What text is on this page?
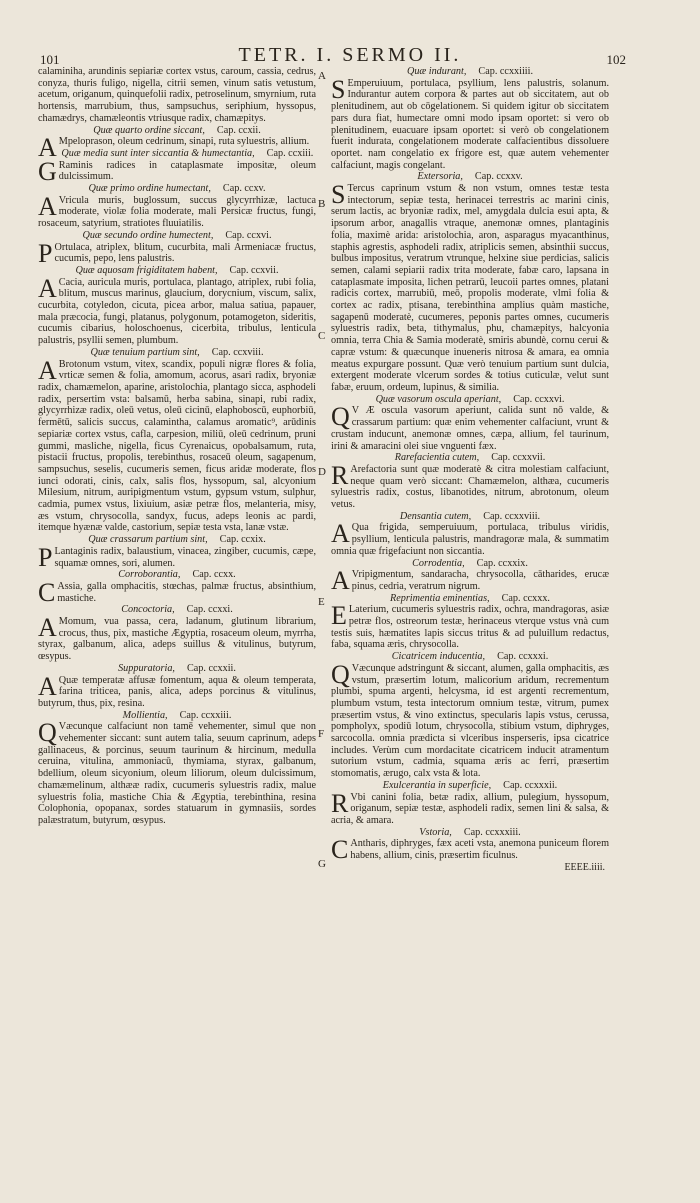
101	TETR. I. SERMO II.	102
A
B
C
D
E
F
G

calaminiha, arundinis sepiariæ cortex vstus, caroum, cassia, cedrus, conyza, thuris fuligo, nigella, citrii semen, vinum satis vetustum, acetum, origanum, quinquefolii radix, petroselinum, smyrnium, ruta hortensis, marrubium, thus, sampsuchus, seriphium, hyssopus, chamædrys, chamæleontis vtriusque radix, chamæpitys.

Quæ quarto ordine siccant, Cap. ccxii.

A Mpeloprason, oleum cedrinum, sinapi, ruta syluestris, allium.

Quæ media sunt inter siccantia & humectantia, Cap. ccxiii.

G Raminis radices in cataplasmate impositæ, oleum dulcissimum.

Quæ primo ordine humectant, Cap. ccxv.

A Vricula muris, buglossum, succus glycyrrhizæ, lactuca moderate, violæ folia moderate, mali Persicæ fructus, fungi, rosaceum, satyrium, stratiotes fluuiatilis.

Quæ secundo ordine humectent, Cap. ccxvi.

P Ortulaca, atriplex, blitum, cucurbita, mali Armeniacæ fructus, cucumis, pepo, lens palustris.

Quæ aquosam frigiditatem habent, Cap. ccxvii.

A Cacia, auricula muris, portulaca, plantago, atriplex, rubi folia, blitum, muscus marinus, glaucium, dorycnium, viscum, salix, cucurbita, cotyledon, cicuta, picea arbor, malua satiua, papauer, mala præcocia, fungi, platanus, polygonum, potamogeton, sideritis, cucumis cibarius, holoschoenus, cicerbita, tribulus, lenticula palustris, psyllii semen, plumbum.

Quæ tenuium partium sint, Cap. ccxviii.

A Brotonum vstum, vitex, scandix, populi nigræ flores & folia, vrticæ semen & folia, amomum, acorus, asari radix, bryoniæ radix, chamæmelon, aparine, aristolochia, plantago sicca, asphodeli radix, persertim vsta: balsamū, herba sabina, sinapi, rubi radix, glycyrrhizæ radix, oleū vetus, oleū cicinū, elaphoboscū, euphorbiū, fermētū, salicis succus, calamintha, calamus aromatic⁹, arūdinis sepiariæ cortex vstus, cafla, carpesion, miliū, oleū cedrinum, pruni gummi, masliche, nigella, ficus Cyrenaicus, opobalsamum, ruta, pistacii fructus, propolis, terebinthus, rosaceū oleum, sagapenum, sampsuchus, seselis, cucumeris semen, ficus aridæ moderate, flos iunci odorati, cinis, calx, salis flos, hyssopum, sal, alcyonium Milesium, nitrum, auripigmentum vstum, gypsum vstum, sulphur, cadmia, pumex vstus, lixiuium, asiæ petræ flos, melanteria, misy, æs vstum, chrysocolla, sandyx, fucus, adeps leonis ac pardi, itemque hyænæ valde, castorium, sepiæ testa vsta, lanæ vstæ.

Quæ crassarum partium sint, Cap. ccxix.

P Lantaginis radix, balaustium, vinacea, zingiber, cucumis, cæpe, squamæ omnes, sori, alumen.

Corroborantia, Cap. ccxx.

C Assia, galla omphacitis, stœchas, palmæ fructus, absinthium, mastiche.

Concoctoria, Cap. ccxxi.

A Momum, vua passa, cera, ladanum, glutinum librarium, crocus, thus, pix, mastiche Ægyptia, rosaceum oleum, myrrha, styrax, galbanum, alica, adeps suillus & vitulinus, butyrum, œsypus.

Suppuratoria, Cap. ccxxii.

A Quæ temperatæ affusæ fomentum, aqua & oleum temperata, farina triticea, panis, alica, adeps porcinus & vitulinus, butyrum, thus, pix, resina.

Mollientia, Cap. ccxxiii.

Q Væcunque calfaciunt non tamē vehementer, simul que non vehementer siccant: sunt autem talia, seuum caprinum, adeps gallinaceus, & porcinus, seuum taurinum & hircinum, medulla ceruina, vitulina, ammoniacū, thymiama, styrax, galbanum, bdellium, oleum sicyonium, oleum liliorum, oleum dulcissimum, chamæmelinum, althææ radix, cucumeris syluestris radix, malue syluestris folia, mastiche Chia & Ægyptia, terebinthina, resina Colophonia, opopanax, sordes statuarum in gymnasiis, sordes palæstratum, butyrum, œsypus.

Quæ indurant, Cap. ccxxiiii.

S Emperuiuum, portulaca, psyllium, lens palustris, solanum. Indurantur autem corpora & partes aut ob siccitatem, aut ob plenitudinem, aut ob cōgelationem. Si quidem igitur ob siccitatem pars dura fiat, humectare omni modo ipsam oportet: si vero ob plenitudinem, euacuare ipsam oportet: si verò ob congelationem fuerit indurata, congelationem moderate calfacientibus dissoluere oportet. nam congelatio ex frigore est, quæ autem vehementer calfaciunt, magis congelant.

Extersoria, Cap. ccxxv.

S Tercus caprinum vstum & non vstum, omnes testæ testa intectorum, sepiæ testa, herinacei terrestris ac marini cinis, serum lactis, ac bryoniæ radix, mel, amygdala dulcia esui apta, & ipsorum arbor, anagallis vtraque, anemonæ omnes, plantaginis folia, maximè arida: aristolochia, aron, asparagus myacanthinus, staphis agrestis, asphodeli radix, atriplicis semen, absinthii succus, bulbus impositus, veratrum vtrunque, helxine siue perdicias, salicis semen, calami sepiarii radix trita moderate, fabæ caro, lapsana in cataplasmate imposita, lichen petrarū, leucoii partes omnes, platani radicis cortex, marrubiū, meō, propolis moderate, vlmi folia & cortex ac radix, ptisana, terebinthina amplius quàm mastiche, sagapenū moderatè, cucumeres, peponis partes omnes, cucumeris syluestris radix, beta, tithymalus, phu, chamæpitys, halcyonia omnia, terra Chia & Samia moderatè, smiris abundè, cornu cerui & capræ vstum: & quæcunque inueneris nitrosa & amara, ea omnia meatus expurgare possunt. Quæ verò tenuium partium sunt dulcia, extergent moderate vlcerum sordes & totius cuticulæ, velut sunt fabæ, eruum, ordeum, lupinus, & similia.

Quæ vasorum oscula aperiant, Cap. ccxxvi.

Q V Æ oscula vasorum aperiunt, calida sunt nō valde, & crassarum partium: quæ enim vehementer calfaciunt, vrunt & crustam inducunt, anemonæ omnes, cæpa, allium, fel taurinum, irini & amaracini olei siue vnguenti fæx.

Rarefacientia cutem, Cap. ccxxvii.

R Arefactoria sunt quæ moderatè & citra molestiam calfaciunt, neque quam verò siccant: Chamæmelon, althæa, cucumeris syluestris radix, costus, libanotides, nitrum, abrotonum, oleum vetus.

Densantia cutem, Cap. ccxxviii.

A Qua frigida, semperuiuum, portulaca, tribulus viridis, psyllium, lenticula palustris, mandragoræ mala, & summatim omnia quæ frigefaciunt non siccantia.

Corrodentia, Cap. ccxxix.

A Vripigmentum, sandaracha, chrysocolla, cātharides, erucæ pinus, cedria, veratrum nigrum.

Reprimentia eminentias, Cap. ccxxx.

E Laterium, cucumeris syluestris radix, ochra, mandragoras, asiæ petræ flos, ostreorum testæ, herinaceus vterque vstus vnà cum testis suis, hæmatites lapis siccus tritus & ad puluillum redactus, faba, squama æris, chrysocolla.

Cicatricem inducentia, Cap. ccxxxi.

Q Væcunque adstringunt & siccant, alumen, galla omphacitis, æs vstum, præsertim lotum, malicorium aridum, recrementum plumbi, spuma argenti, helcysma, id est argenti recrementum, plumbum vstum, testa intectorum omnium testæ, vitrum, pumex præsertim vstus, & vino extinctus, specularis lapis vstus, cerussa, pompholyx, spodiū lotum, chrysocolla, stibium vstum, diphryges, sarcocolla. omnia prædicta si vlceribus insperseris, ipsa cicatrice includes. Verùm cum mordacitate cicatricem inducit atramentum sutorium vstum, cadmia, squama æris ac ferri, præsertim stomomatis, ærugo, calx vsta & lota.

Exulcerantia in superficie, Cap. ccxxxii.

R Vbi canini folia, betæ radix, allium, pulegium, hyssopum, origanum, sepiæ testæ, asphodeli radix, semen lini & salsa, & acria, & amara.

Vstoria, Cap. ccxxxiii.

C Antharis, diphryges, fæx aceti vsta, anemona puniceum florem habens, allium, cinis, præsertim ficulnus.

EEEE.iiii.
